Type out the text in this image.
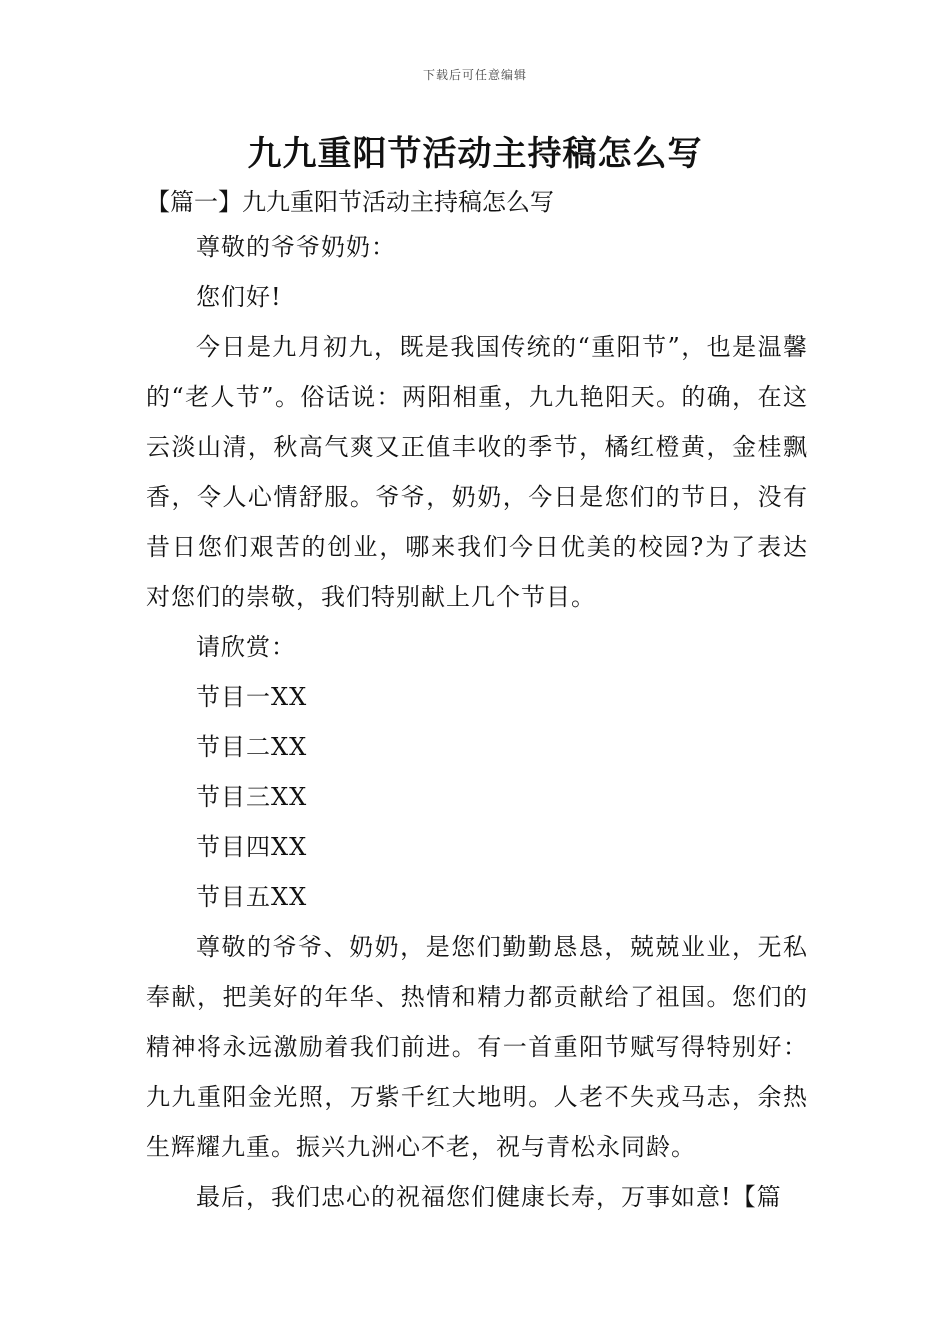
下载后可任意编辑
九九重阳节活动主持稿怎么写
【篇一】九九重阳节活动主持稿怎么写

尊敬的爷爷奶奶：

您们好!

今日是九月初九，既是我国传统的“重阳节”，也是温馨的“老人节”。俗话说：两阳相重，九九艳阳天。的确，在这云淡山清，秋高气爽又正值丰收的季节，橘红橙黄，金桂飘香，令人心情舒服。爷爷，奶奶，今日是您们的节日，没有昔日您们艰苦的创业，哪来我们今日优美的校园?为了表达对您们的崇敬，我们特别献上几个节目。

请欣赏：

节目一XX

节目二XX

节目三XX

节目四XX

节目五XX

尊敬的爷爷、奶奶，是您们勤勤恳恳，兢兢业业，无私奉献，把美好的年华、热情和精力都贡献给了祖国。您们的精神将永远激励着我们前进。有一首重阳节赋写得特别好：九九重阳金光照，万紫千红大地明。人老不失戎马志，余热生辉耀九重。振兴九洲心不老，祝与青松永同龄。

最后，我们忠心的祝福您们健康长寿，万事如意!【篇
